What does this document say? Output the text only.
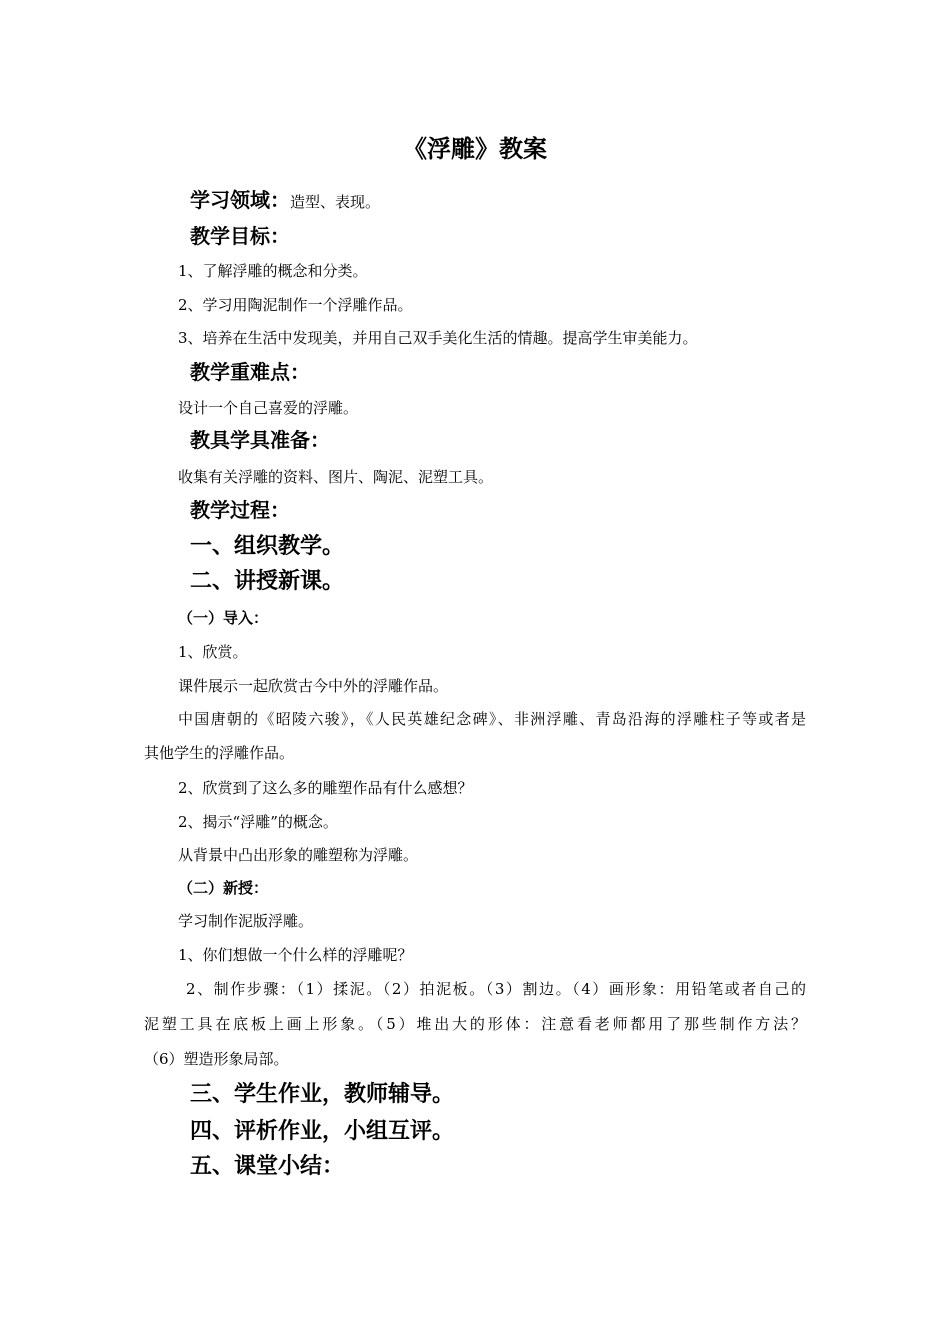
《浮雕》教案
学习领域：造型、表现。
教学目标：
1、了解浮雕的概念和分类。
2、学习用陶泥制作一个浮雕作品。
3、培养在生活中发现美，并用自己双手美化生活的情趣。提高学生审美能力。
教学重难点：
设计一个自己喜爱的浮雕。
教具学具准备：
收集有关浮雕的资料、图片、陶泥、泥塑工具。
教学过程：
一、组织教学。
二、讲授新课。
（一）导入：
1、欣赏。
课件展示一起欣赏古今中外的浮雕作品。
中国唐朝的《昭陵六骏》，《人民英雄纪念碑》、非洲浮雕、青岛沿海的浮雕柱子等或者是
其他学生的浮雕作品。
2、欣赏到了这么多的雕塑作品有什么感想？
2、揭示“浮雕”的概念。
从背景中凸出形象的雕塑称为浮雕。
（二）新授：
学习制作泥版浮雕。
1、你们想做一个什么样的浮雕呢？
2、制作步骤：（1）揉泥。（2）拍泥板。（3）割边。（4）画形象：用铅笔或者自己的
泥塑工具在底板上画上形象。（5）堆出大的形体：注意看老师都用了那些制作方法？
（6）塑造形象局部。
三、学生作业，教师辅导。
四、评析作业，小组互评。
五、课堂小结：
